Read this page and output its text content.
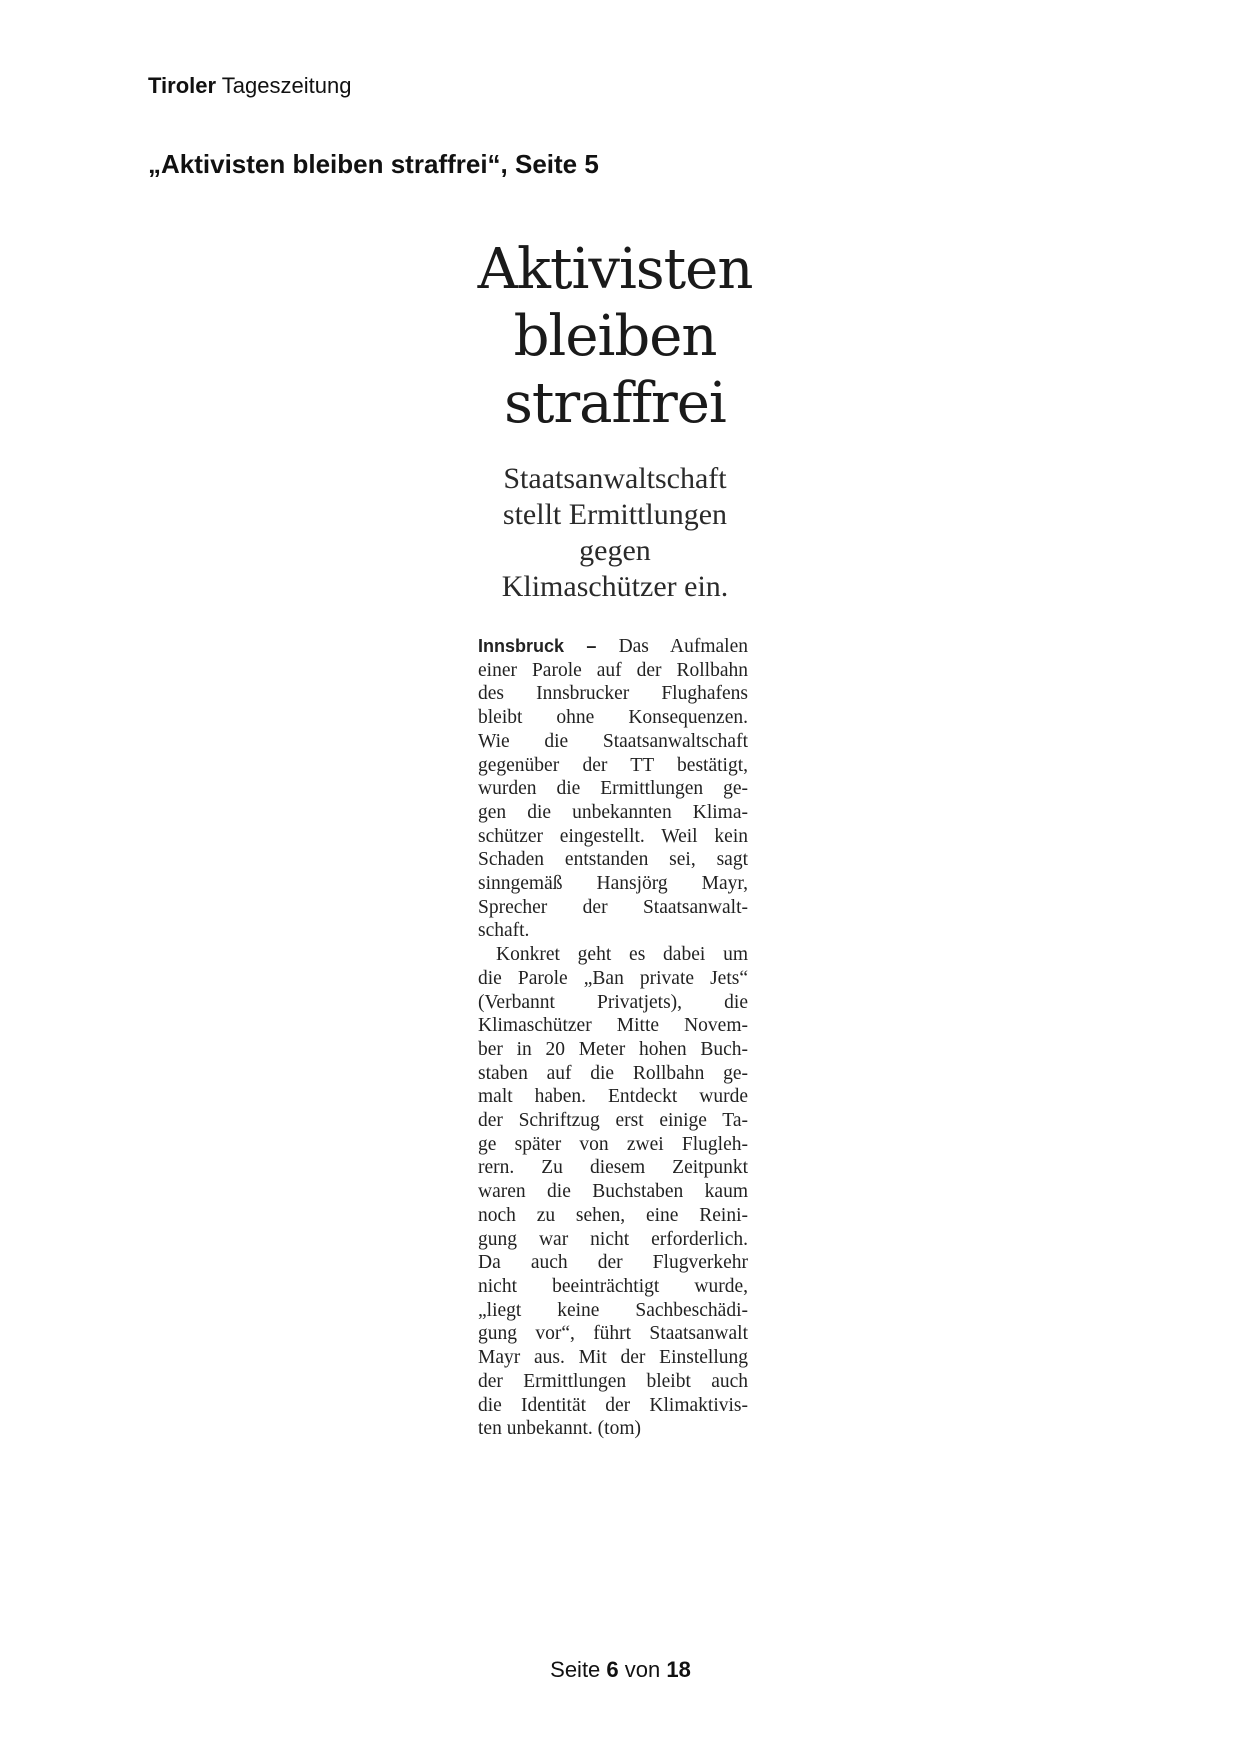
Tiroler Tageszeitung
„Aktivisten bleiben straffrei“, Seite 5
Aktivisten
bleiben
straffrei
Staatsanwaltschaft
stellt Ermittlungen
gegen
Klimaschützer ein.
Innsbruck – Das Aufmalen
einer Parole auf der Rollbahn
des Innsbrucker Flughafens
bleibt ohne Konsequenzen.
Wie die Staatsanwaltschaft
gegenüber der TT bestätigt,
wurden die Ermittlungen ge-
gen die unbekannten Klima-
schützer eingestellt. Weil kein
Schaden entstanden sei, sagt
sinngemäß Hansjörg Mayr,
Sprecher der Staatsanwalt-
schaft.
Konkret geht es dabei um
die Parole „Ban private Jets“
(Verbannt Privatjets), die
Klimaschützer Mitte Novem-
ber in 20 Meter hohen Buch-
staben auf die Rollbahn ge-
malt haben. Entdeckt wurde
der Schriftzug erst einige Ta-
ge später von zwei Flugleh-
rern. Zu diesem Zeitpunkt
waren die Buchstaben kaum
noch zu sehen, eine Reini-
gung war nicht erforderlich.
Da auch der Flugverkehr
nicht beeinträchtigt wurde,
„liegt keine Sachbeschädi-
gung vor“, führt Staatsanwalt
Mayr aus. Mit der Einstellung
der Ermittlungen bleibt auch
die Identität der Klimaktivis-
ten unbekannt. (tom)
Seite 6 von 18
